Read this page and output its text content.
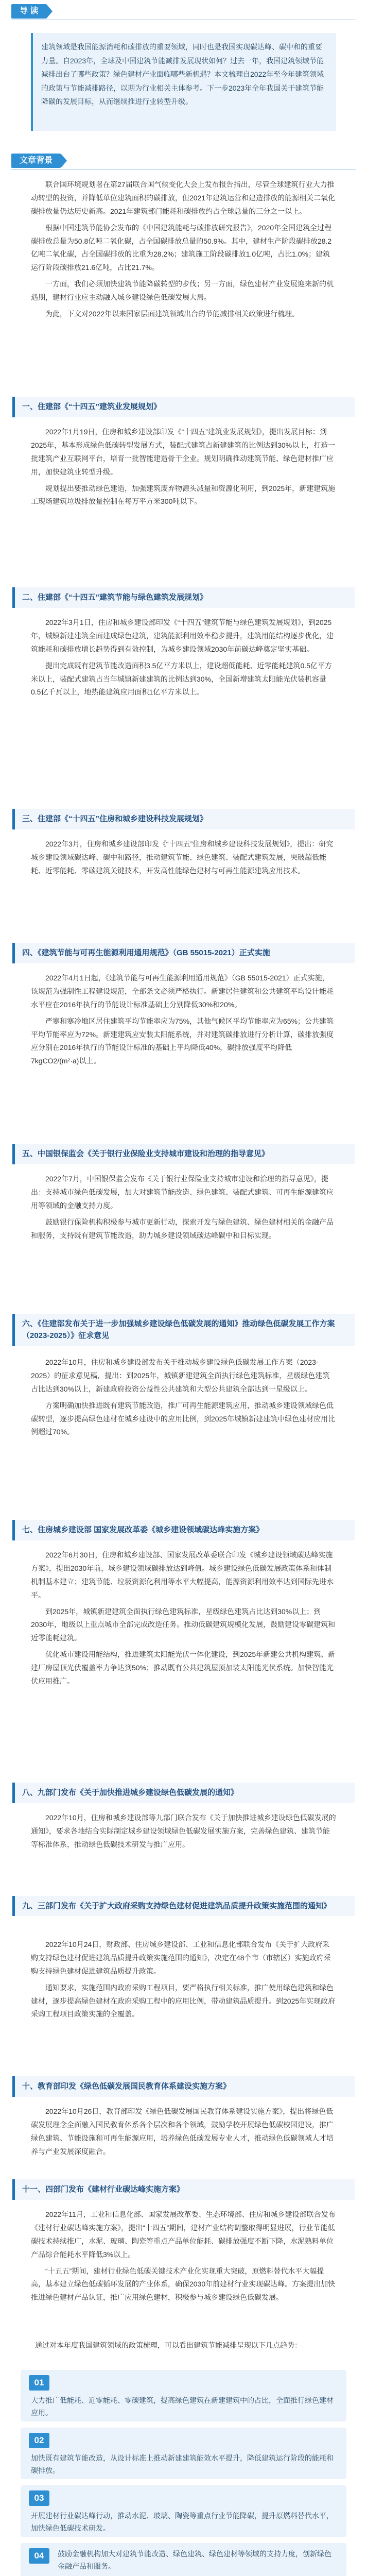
导 读
建筑领域是我国能源消耗和碳排放的重要领域，同时也是我国实现碳达峰、碳中和的重要力量。自2023年，全球及中国建筑节能减排发展现状如何？过去一年，我国建筑领域节能减排出台了哪些政策？绿色建材产业面临哪些新机遇？本文梳理自2022年至今年建筑领域的政策与节能减排路径，以期为行业相关主体参考。下一步2023年全年我国关于建筑节能降碳的发展目标，从而继续推进行业转型升级。
文章背景

联合国环境规划署在第27届联合国气候变化大会上发布报告指出，尽管全球建筑行业大力推动转型的投资，并降低单位建筑面积的碳排放，但2021年建筑运营和建造排放的能源相关二氧化碳排放量仍达历史新高。2021年建筑部门能耗和碳排放约占全球总量的三分之一以上。

根据中国建筑节能协会发布的《中国建筑能耗与碳排放研究报告》，2020年全国建筑全过程碳排放总量为50.8亿吨二氧化碳，占全国碳排放总量的50.9%。其中，建材生产阶段碳排放28.2亿吨二氧化碳，占全国碳排放的比重为28.2%；建筑施工阶段碳排放1.0亿吨，占比1.0%；建筑运行阶段碳排放21.6亿吨，占比21.7%。

一方面，我们必须加快建筑节能降碳转型的步伐；另一方面，绿色建材产业发展迎来新的机遇期，建材行业应主动融入城乡建设绿色低碳发展大局。

为此，下文对2022年以来国家层面建筑领域出台的节能减排相关政策进行梳理。

一、住建部《“十四五”建筑业发展规划》

2022年1月19日，住房和城乡建设部印发《“十四五”建筑业发展规划》，提出发展目标：到2025年，基本形成绿色低碳转型发展方式，装配式建筑占新建建筑的比例达到30%以上，打造一批建筑产业互联网平台，培育一批智能建造骨干企业。规划明确推动建筑节能、绿色建材推广应用，加快建筑业转型升级。

规划提出要推动绿色建造，加强建筑废弃物源头减量和资源化利用，到2025年，新建建筑施工现场建筑垃圾排放量控制在每万平方米300吨以下。

二、住建部《“十四五”建筑节能与绿色建筑发展规划》

2022年3月1日，住房和城乡建设部印发《“十四五”建筑节能与绿色建筑发展规划》，到2025年，城镇新建建筑全面建成绿色建筑，建筑能源利用效率稳步提升，建筑用能结构逐步优化，建筑能耗和碳排放增长趋势得到有效控制，为城乡建设领域2030年前碳达峰奠定坚实基础。

提出完成既有建筑节能改造面积3.5亿平方米以上，建设超低能耗、近零能耗建筑0.5亿平方米以上，装配式建筑占当年城镇新建建筑的比例达到30%，全国新增建筑太阳能光伏装机容量0.5亿千瓦以上，地热能建筑应用面积1亿平方米以上。

三、住建部《“十四五”住房和城乡建设科技发展规划》

2022年3月，住房和城乡建设部印发《“十四五”住房和城乡建设科技发展规划》，提出：研究城乡建设领域碳达峰、碳中和路径，推动建筑节能、绿色建筑、装配式建筑发展，突破超低能耗、近零能耗、零碳建筑关键技术，开发高性能绿色建材与可再生能源建筑应用技术。

四、《建筑节能与可再生能源利用通用规范》（GB 55015-2021）正式实施

2022年4月1日起，《建筑节能与可再生能源利用通用规范》（GB 55015-2021）正式实施，该规范为强制性工程建设规范，全部条文必须严格执行。新建居住建筑和公共建筑平均设计能耗水平应在2016年执行的节能设计标准基础上分别降低30%和20%。

严寒和寒冷地区居住建筑平均节能率应为75%，其他气候区平均节能率应为65%；公共建筑平均节能率应为72%。新建建筑应安装太阳能系统，并对建筑碳排放进行分析计算，碳排放强度应分别在2016年执行的节能设计标准的基础上平均降低40%，碳排放强度平均降低7kgCO2/(m²·a)以上。

五、中国银保监会《关于银行业保险业支持城市建设和治理的指导意见》

2022年7月，中国银保监会发布《关于银行业保险业支持城市建设和治理的指导意见》，提出：支持城市绿色低碳发展，加大对建筑节能改造、绿色建筑、装配式建筑、可再生能源建筑应用等领域的金融支持力度。

鼓励银行保险机构积极参与城市更新行动，探索开发与绿色建筑、绿色建材相关的金融产品和服务，支持既有建筑节能改造，助力城乡建设领域碳达峰碳中和目标实现。

六、《住建部发布关于进一步加强城乡建设绿色低碳发展的通知》推动绿色低碳发展工作方案（2023-2025）》征求意见

2022年10月，住房和城乡建设部发布关于推动城乡建设绿色低碳发展工作方案（2023-2025）的征求意见稿，提出：到2025年，城镇新建建筑全面执行绿色建筑标准，星级绿色建筑占比达到30%以上，新建政府投资公益性公共建筑和大型公共建筑全部达到一星级以上。

方案明确加快推进既有建筑节能改造，推广可再生能源建筑应用，推动城乡建设领域绿色低碳转型，逐步提高绿色建材在城乡建设中的应用比例，到2025年城镇新建建筑中绿色建材应用比例超过70%。

七、住房城乡建设部 国家发展改革委《城乡建设领域碳达峰实施方案》

2022年6月30日，住房和城乡建设部、国家发展改革委联合印发《城乡建设领域碳达峰实施方案》，提出2030年前，城乡建设领域碳排放达到峰值。城乡建设绿色低碳发展政策体系和体制机制基本建立；建筑节能、垃圾资源化利用等水平大幅提高，能源资源利用效率达到国际先进水平。

到2025年，城镇新建建筑全面执行绿色建筑标准，星级绿色建筑占比达到30%以上；到2030年，地级以上重点城市全部完成改造任务。推动低碳建筑规模化发展，鼓励建设零碳建筑和近零能耗建筑。

优化城市建设用能结构，推进建筑太阳能光伏一体化建设，到2025年新建公共机构建筑、新建厂房屋顶光伏覆盖率力争达到50%；推动既有公共建筑屋顶加装太阳能光伏系统。加快智能光伏应用推广。

八、九部门发布《关于加快推进城乡建设绿色低碳发展的通知》

2022年10月，住房和城乡建设部等九部门联合发布《关于加快推进城乡建设绿色低碳发展的通知》，要求各地结合实际制定城乡建设领域绿色低碳发展实施方案，完善绿色建筑、建筑节能等标准体系，推动绿色低碳技术研发与推广应用。

九、三部门发布《关于扩大政府采购支持绿色建材促进建筑品质提升政策实施范围的通知》

2022年10月24日，财政部、住房城乡建设部、工业和信息化部联合发布《关于扩大政府采购支持绿色建材促进建筑品质提升政策实施范围的通知》，决定在48个市（市辖区）实施政府采购支持绿色建材促进建筑品质提升政策。

通知要求，实施范围内政府采购工程项目，要严格执行相关标准，推广使用绿色建筑和绿色建材，逐步提高绿色建材在政府采购工程中的应用比例，带动建筑品质提升。到2025年实现政府采购工程项目政策实施的全覆盖。

十、教育部印发《绿色低碳发展国民教育体系建设实施方案》

2022年10月26日，教育部印发《绿色低碳发展国民教育体系建设实施方案》，提出将绿色低碳发展理念全面融入国民教育体系各个层次和各个领域，鼓励学校开展绿色低碳校园建设，推广绿色建筑、节能设施和可再生能源应用，培养绿色低碳发展专业人才，推动绿色低碳领域人才培养与产业发展深度融合。

十一、四部门发布《建材行业碳达峰实施方案》

2022年11月，工业和信息化部、国家发展改革委、生态环境部、住房和城乡建设部联合发布《建材行业碳达峰实施方案》，提出“十四五”期间，建材产业结构调整取得明显进展，行业节能低碳技术持续推广，水泥、玻璃、陶瓷等重点产品单位能耗、碳排放强度不断下降，水泥熟料单位产品综合能耗水平降低3%以上。

“十五五”期间，建材行业绿色低碳关键技术产业化实现重大突破，原燃料替代水平大幅提高，基本建立绿色低碳循环发展的产业体系，确保2030年前建材行业实现碳达峰。方案提出加快推进绿色建材产品认证，推广应用绿色建材，积极参与城乡建设绿色低碳发展。

通过对本年度我国建筑领域的政策梳理，可以看出建筑节能减排呈现以下几点趋势：
01
大力推广低能耗、近零能耗、零碳建筑，提高绿色建筑在新建建筑中的占比，全面推行绿色建材应用。
02
加快既有建筑节能改造，从设计标准上推动新建建筑能效水平提升，降低建筑运行阶段的能耗和碳排放。
03
开展建材行业碳达峰行动，推动水泥、玻璃、陶瓷等重点行业节能降碳，提升原燃料替代水平，加快绿色低碳技术研发。
04	鼓励金融机构加大对建筑节能改造、绿色建筑、绿色建材等领域的支持力度，创新绿色金融产品和服务。
